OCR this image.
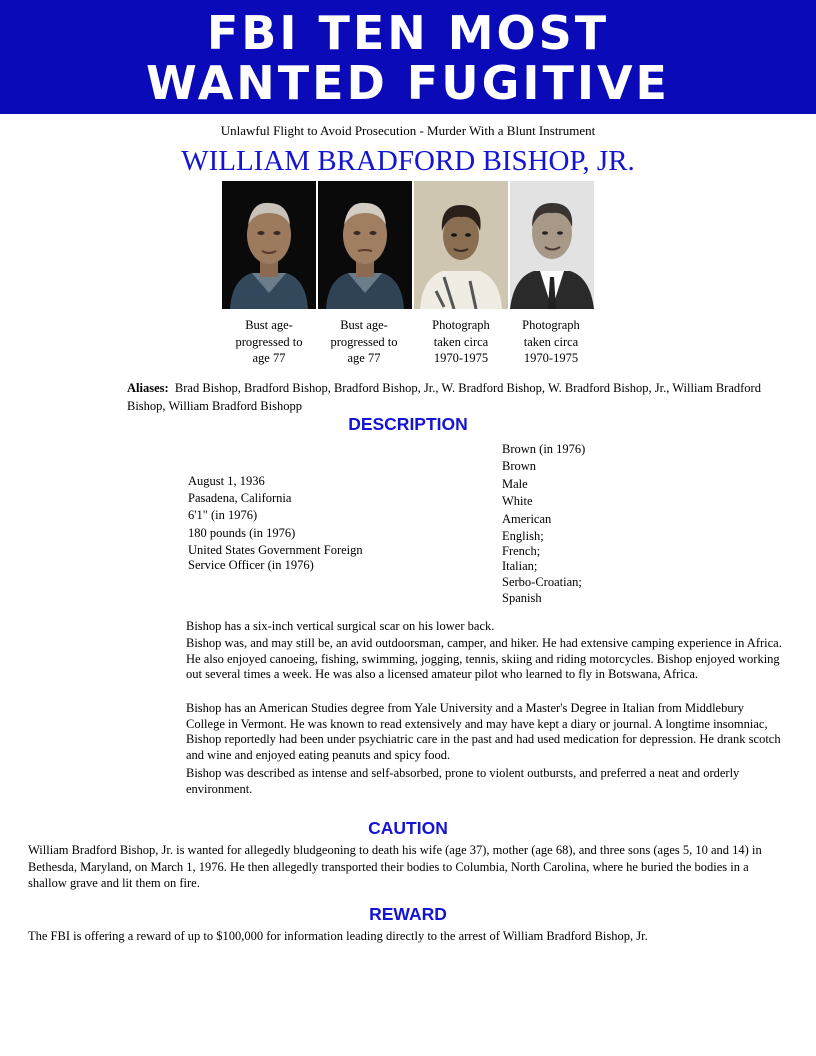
FBI TEN MOST
WANTED FUGITIVE
Unlawful Flight to Avoid Prosecution - Murder With a Blunt Instrument
WILLIAM BRADFORD BISHOP, JR.
Bust age-
progressed to
age 77
Bust age-
progressed to
age 77
Photograph
taken circa
1970-1975
Photograph
taken circa
1970-1975
Aliases: Brad Bishop, Bradford Bishop, Bradford Bishop, Jr., W. Bradford Bishop, W. Bradford Bishop, Jr., William Bradford Bishop, William Bradford Bishopp
DESCRIPTION
August 1, 1936
Pasadena, California
6'1" (in 1976)
180 pounds (in 1976)
United States Government Foreign
Service Officer (in 1976)
Brown (in 1976)
Brown
Male
White
American
English;
French;
Italian;
Serbo-Croatian;
Spanish
Bishop has a six-inch vertical surgical scar on his lower back.
Bishop was, and may still be, an avid outdoorsman, camper, and hiker. He had extensive camping experience in Africa. He also enjoyed canoeing, fishing, swimming, jogging, tennis, skiing and riding motorcycles. Bishop enjoyed working out several times a week. He was also a licensed amateur pilot who learned to fly in Botswana, Africa.
Bishop has an American Studies degree from Yale University and a Master's Degree in Italian from Middlebury College in Vermont. He was known to read extensively and may have kept a diary or journal. A longtime insomniac, Bishop reportedly had been under psychiatric care in the past and had used medication for depression. He drank scotch and wine and enjoyed eating peanuts and spicy food.
Bishop was described as intense and self-absorbed, prone to violent outbursts, and preferred a neat and orderly environment.
CAUTION
William Bradford Bishop, Jr. is wanted for allegedly bludgeoning to death his wife (age 37), mother (age 68), and three sons (ages 5, 10 and 14) in Bethesda, Maryland, on March 1, 1976. He then allegedly transported their bodies to Columbia, North Carolina, where he buried the bodies in a shallow grave and lit them on fire.
REWARD
The FBI is offering a reward of up to $100,000 for information leading directly to the arrest of William Bradford Bishop, Jr.
